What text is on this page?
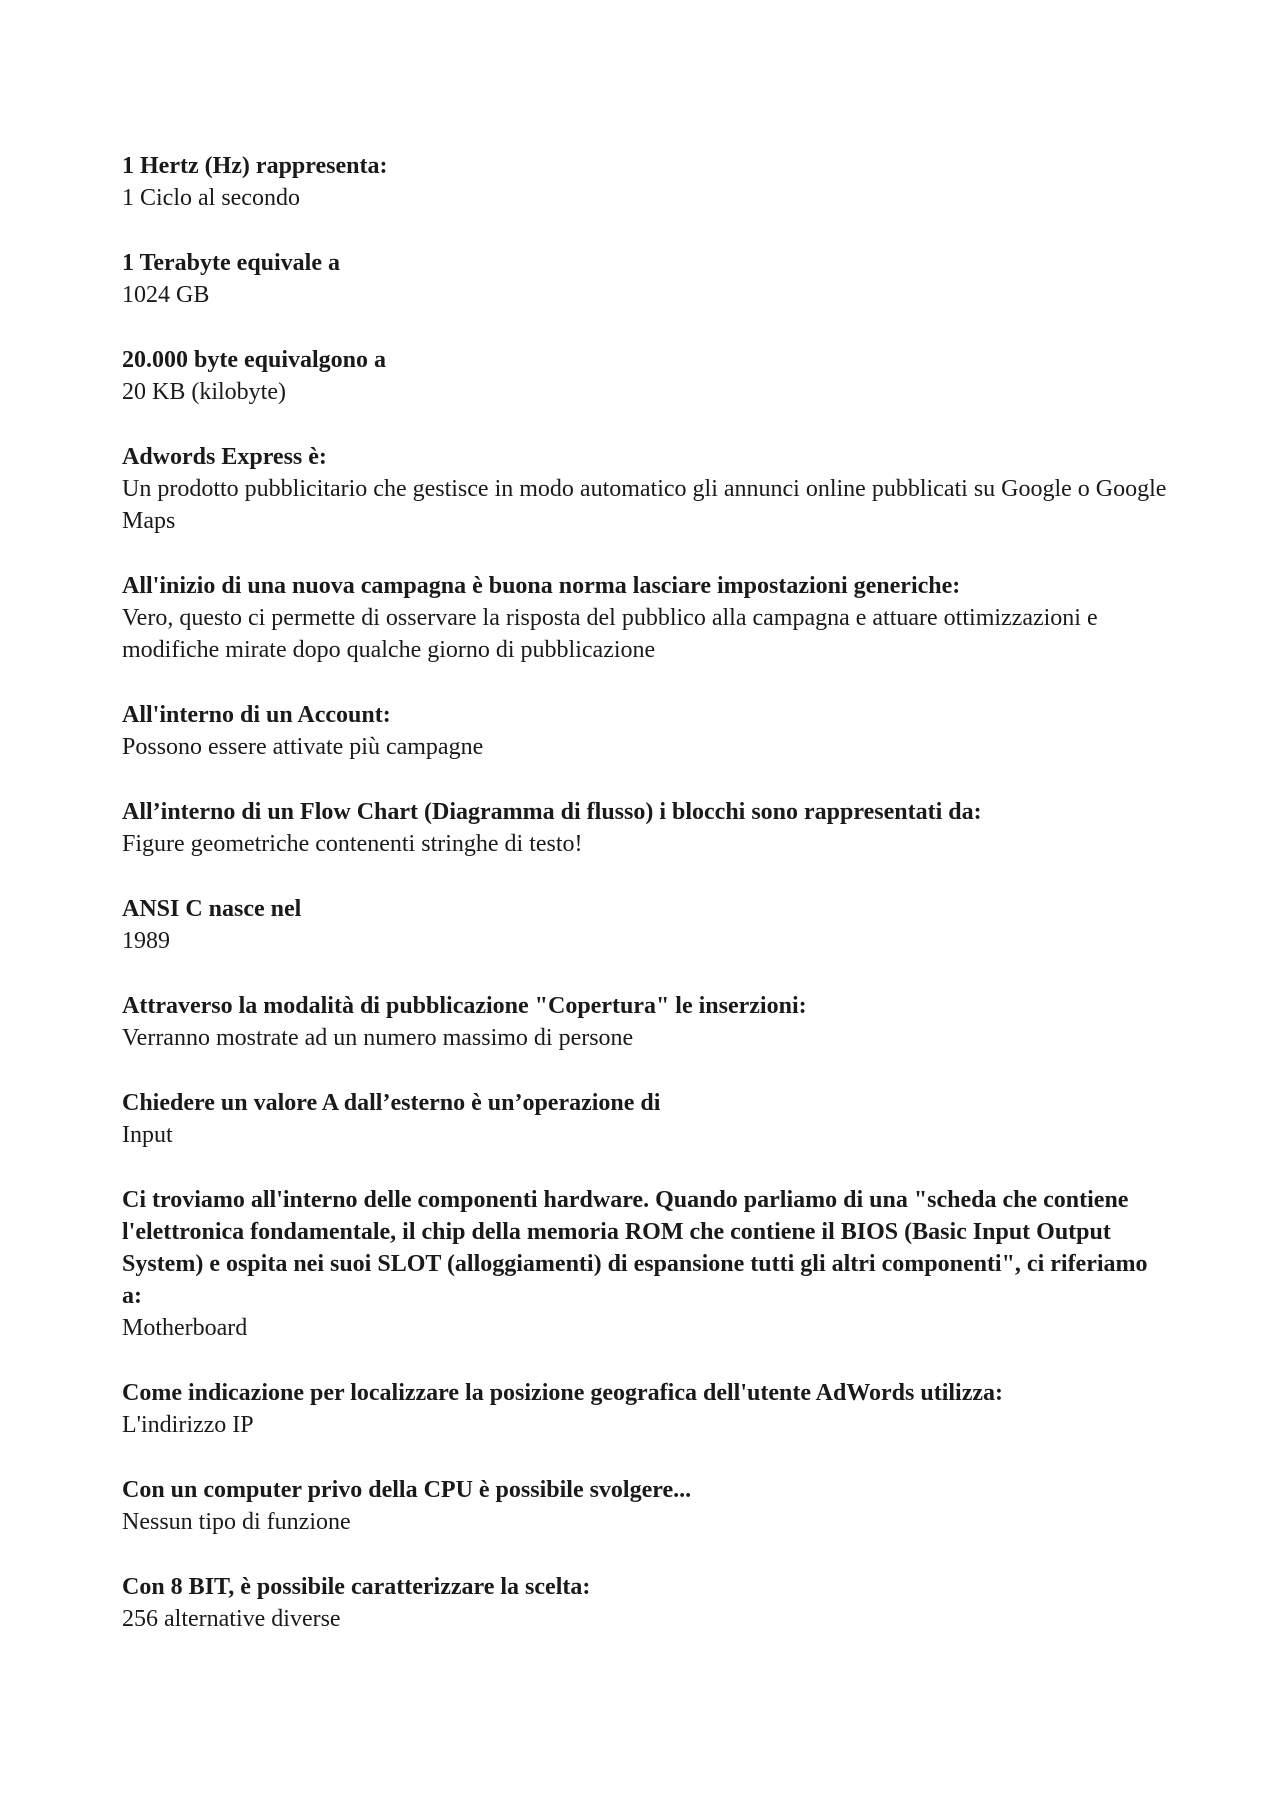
1 Hertz (Hz) rappresenta:

1 Ciclo al secondo

1 Terabyte equivale a

1024 GB

20.000 byte equivalgono a

20 KB (kilobyte)

Adwords Express è:

Un prodotto pubblicitario che gestisce in modo automatico gli annunci online pubblicati su Google o Google Maps

All'inizio di una nuova campagna è buona norma lasciare impostazioni generiche:

Vero, questo ci permette di osservare la risposta del pubblico alla campagna e attuare ottimizzazioni e modifiche mirate dopo qualche giorno di pubblicazione

All'interno di un Account:

Possono essere attivate più campagne

All’interno di un Flow Chart (Diagramma di flusso) i blocchi sono rappresentati da:

Figure geometriche contenenti stringhe di testo!

ANSI C nasce nel

1989

Attraverso la modalità di pubblicazione "Copertura" le inserzioni:

Verranno mostrate ad un numero massimo di persone

Chiedere un valore A dall’esterno è un’operazione di

Input

Ci troviamo all'interno delle componenti hardware. Quando parliamo di una "scheda che contiene l'elettronica fondamentale, il chip della memoria ROM che contiene il BIOS (Basic Input Output System) e ospita nei suoi SLOT (alloggiamenti) di espansione tutti gli altri componenti", ci riferiamo a:

Motherboard

Come indicazione per localizzare la posizione geografica dell'utente AdWords utilizza:

L'indirizzo IP

Con un computer privo della CPU è possibile svolgere...

Nessun tipo di funzione

Con 8 BIT, è possibile caratterizzare la scelta:

256 alternative diverse
